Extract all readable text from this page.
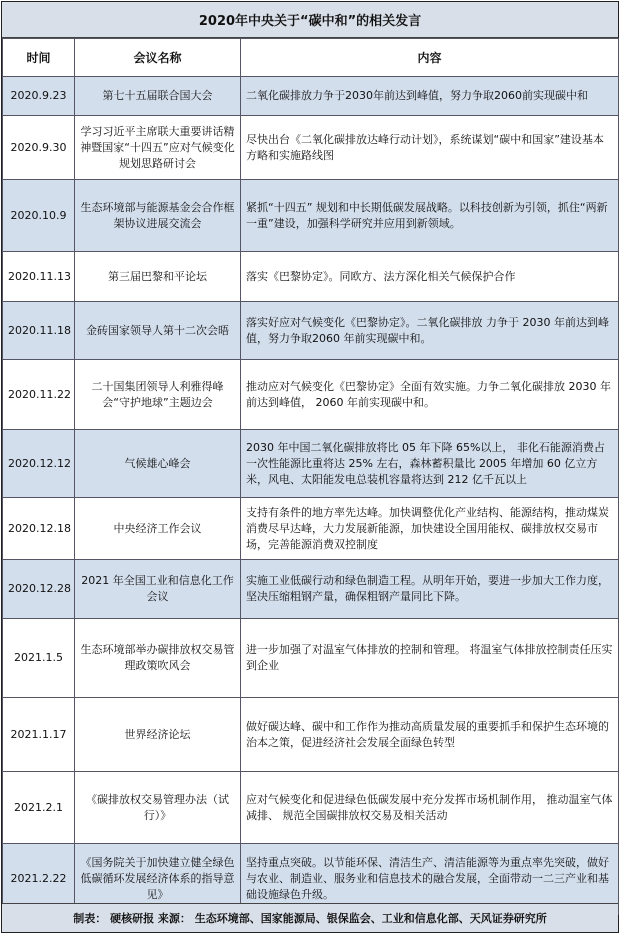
2020年中央关于“碳中和”的相关发言
时间	会议名称	内容
2020.9.23	第七十五届联合国大会	二氧化碳排放力争于2030年前达到峰值，努力争取2060前实现碳中和
2020.9.30	学习习近平主席联大重要讲话精神暨国家“十四五”应对气候变化规划思路研讨会	尽快出台《二氧化碳排放达峰行动计划》，系统谋划“碳中和国家”建设基本方略和实施路线图
2020.10.9	生态环境部与能源基金会合作框架协议进展交流会	紧抓“十四五” 规划和中长期低碳发展战略。以科技创新为引领，抓住“两新一重”建设，加强科学研究并应用到新领域。
2020.11.13	第三届巴黎和平论坛	落实《巴黎协定》。同欧方、法方深化相关气候保护合作
2020.11.18	金砖国家领导人第十二次会晤	落实好应对气候变化《巴黎协定》。二氧化碳排放 力争于 2030 年前达到峰值，努力争取2060 年前实现碳中和。
2020.11.22	二十国集团领导人利雅得峰会“守护地球”主题边会	推动应对气候变化《巴黎协定》全面有效实施。力争二氧化碳排放 2030 年前达到峰值， 2060 年前实现碳中和。
2020.12.12	气候雄心峰会	2030 年中国二氧化碳排放将比 05 年下降 65%以上， 非化石能源消费占一次性能源比重将达 25% 左右，森林蓄积量比 2005 年增加 60 亿立方米，风电、太阳能发电总装机容量将达到 212 亿千瓦以上
2020.12.18	中央经济工作会议	支持有条件的地方率先达峰。加快调整优化产业结构、能源结构，推动煤炭消费尽早达峰，大力发展新能源，加快建设全国用能权、碳排放权交易市场，完善能源消费双控制度
2020.12.28	2021 年全国工业和信息化工作会议	实施工业低碳行动和绿色制造工程。从明年开始，要进一步加大工作力度， 坚决压缩粗钢产量，确保粗钢产量同比下降。
2021.1.5	生态环境部举办碳排放权交易管理政策吹风会	进一步加强了对温室气体排放的控制和管理。 将温室气体排放控制责任压实到企业
2021.1.17	世界经济论坛	做好碳达峰、碳中和工作作为推动高质量发展的重要抓手和保护生态环境的治本之策，促进经济社会发展全面绿色转型
2021.2.1	《碳排放权交易管理办法（试行）》	应对气候变化和促进绿色低碳发展中充分发挥市场机制作用， 推动温室气体减排、 规范全国碳排放权交易及相关活动
2021.2.22	《国务院关于加快建立健全绿色低碳循环发展经济体系的指导意见》	坚持重点突破。以节能环保、清洁生产、清洁能源等为重点率先突破，做好与农业、制造业、服务业和信息技术的融合发展，全面带动一二三产业和基础设施绿色升级。
制表： 硬核研报 来源： 生态环境部、国家能源局、银保监会、工业和信息化部、天风证券研究所
